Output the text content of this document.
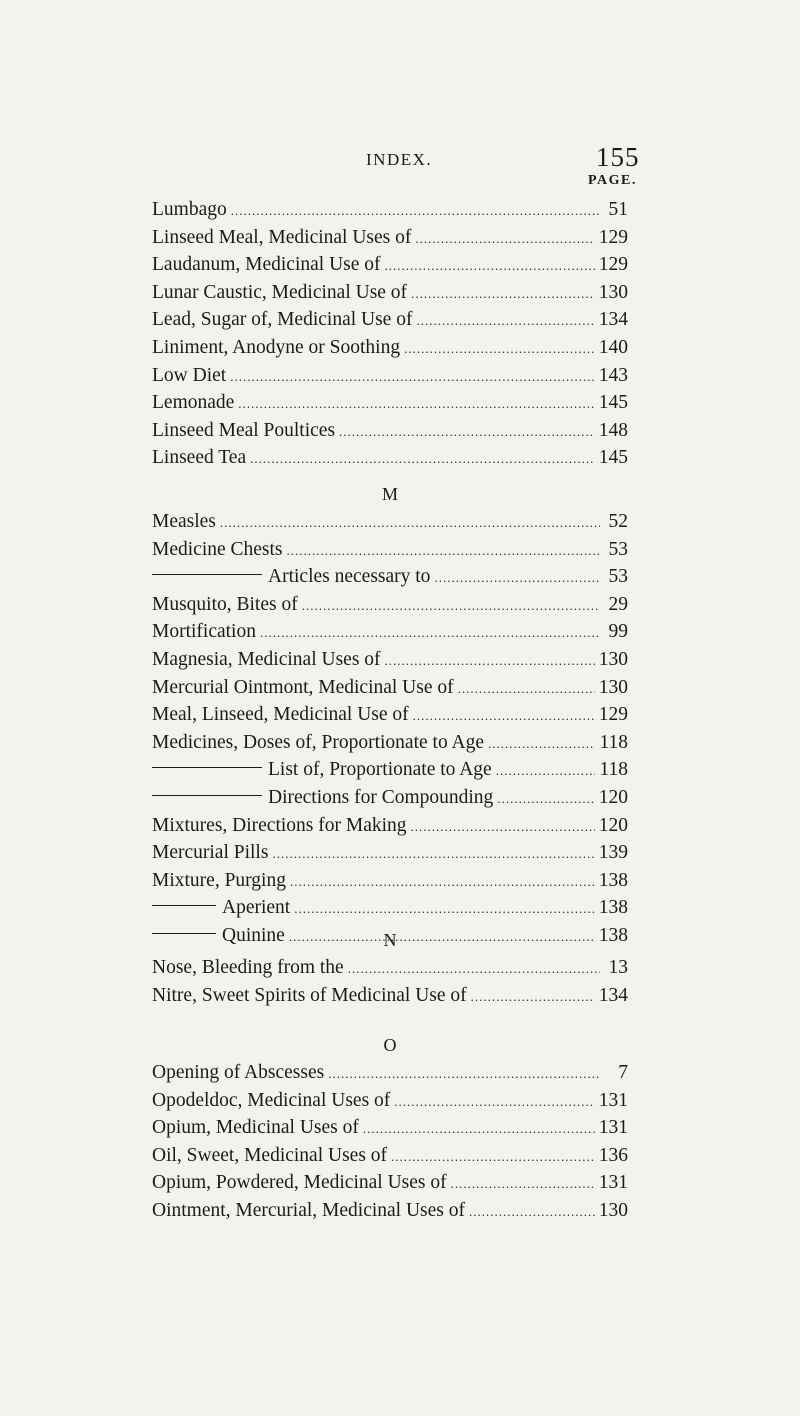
INDEX.	155
PAGE.
Lumbago .....	51
Linseed Meal, Medicinal Uses of .....	129
Laudanum, Medicinal Use of .....	129
Lunar Caustic, Medicinal Use of .....	130
Lead, Sugar of, Medicinal Use of .....	134
Liniment, Anodyne or Soothing .....	140
Low Diet .....	143
Lemonade .....	145
Linseed Meal Poultices .....	148
Linseed Tea .....	145
M
Measles .....	52
Medicine Chests .....	53
Articles necessary to .....	53
Musquito, Bites of .....	29
Mortification .....	99
Magnesia, Medicinal Uses of .....	130
Mercurial Ointmont, Medicinal Use of .....	130
Meal, Linseed, Medicinal Use of .....	129
Medicines, Doses of, Proportionate to Age .....	118
List of, Proportionate to Age .....	118
Directions for Compounding .....	120
Mixtures, Directions for Making .....	120
Mercurial Pills .....	139
Mixture, Purging .....	138
Aperient .....	138
Quinine .....	138
N
Nose, Bleeding from the .....	13
Nitre, Sweet Spirits of Medicinal Use of .....	134
O
Opening of Abscesses .....	7
Opodeldoc, Medicinal Uses of .....	131
Opium, Medicinal Uses of .....	131
Oil, Sweet, Medicinal Uses of .....	136
Opium, Powdered, Medicinal Uses of .....	131
Ointment, Mercurial, Medicinal Uses of .....	130
